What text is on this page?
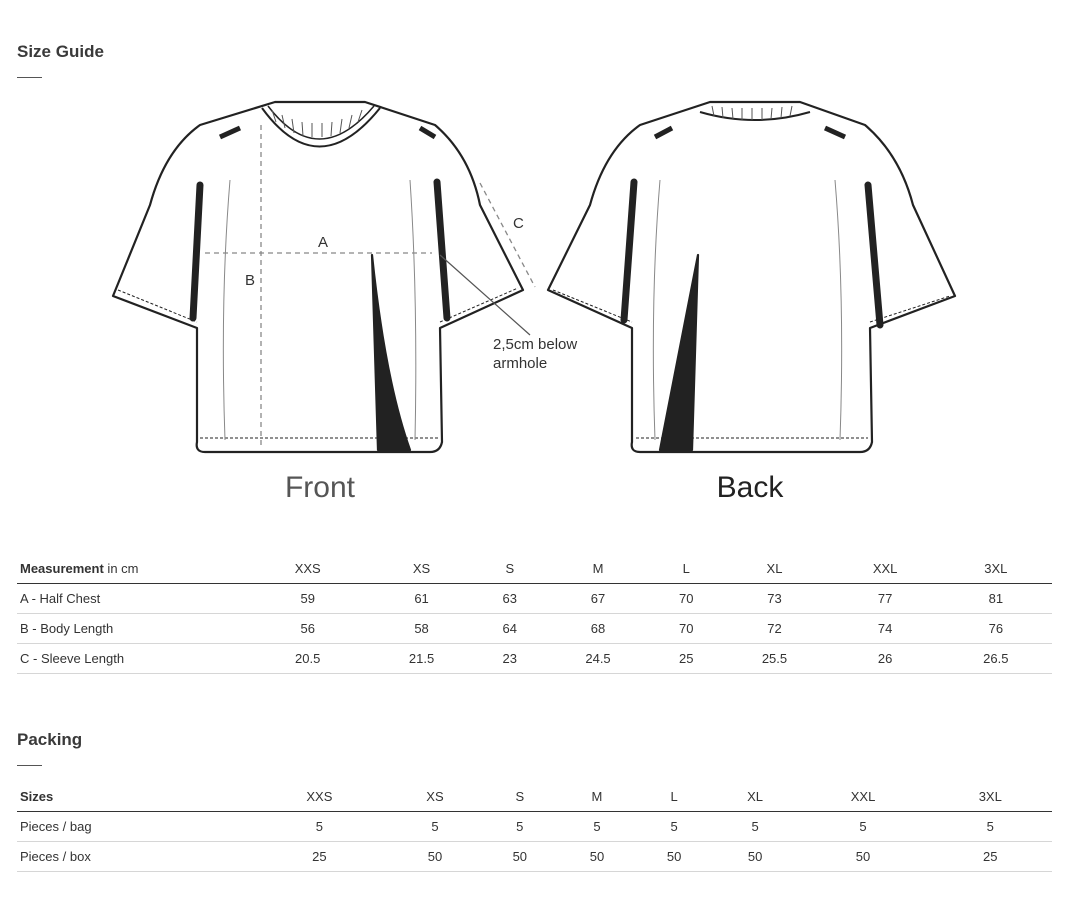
Size Guide
A
B
C
2,5cm below
armhole
Front	Back
Measurement in cm	XXS	XS	S	M	L	XL	XXL	3XL
A - Half Chest	59	61	63	67	70	73	77	81
B - Body Length	56	58	64	68	70	72	74	76
C - Sleeve Length	20.5	21.5	23	24.5	25	25.5	26	26.5
Packing
Sizes	XXS	XS	S	M	L	XL	XXL	3XL
Pieces / bag	5	5	5	5	5	5	5	5
Pieces / box	25	50	50	50	50	50	50	25
